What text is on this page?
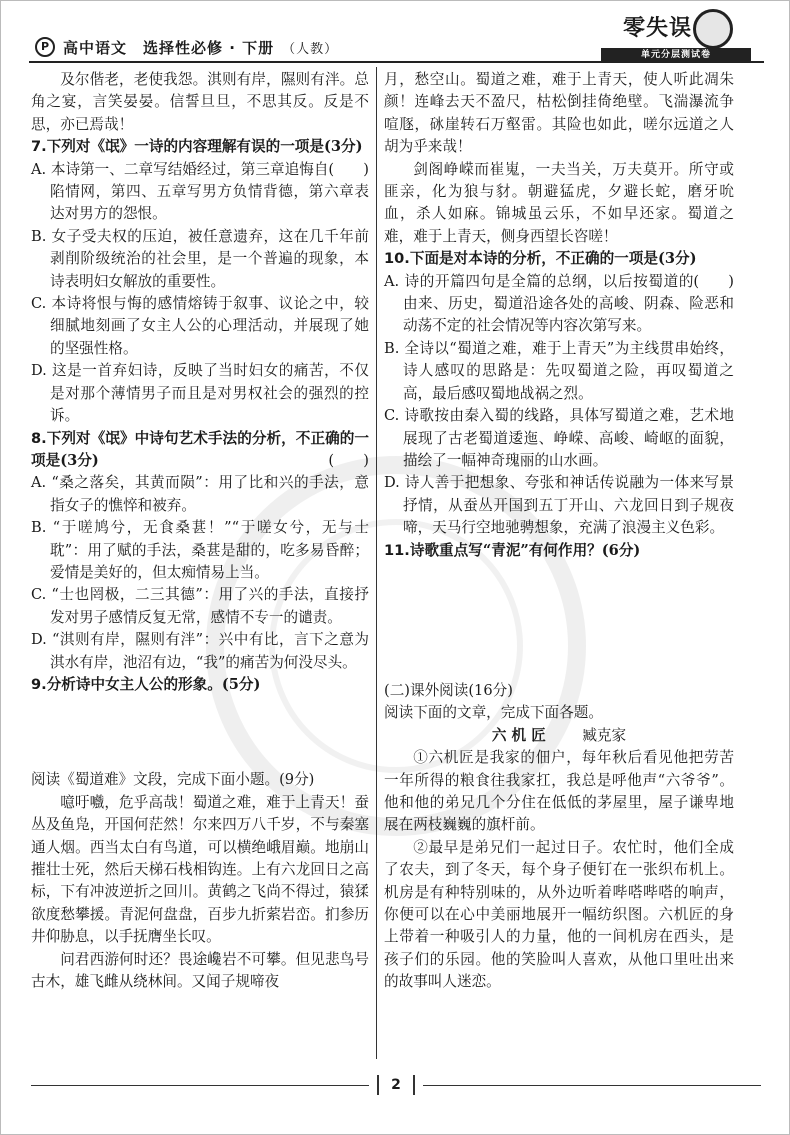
P 高中语文　选择性必修 · 下册 （人教）
零失误
单元分层测试卷

及尔偕老，老使我怨。淇则有岸，隰则有泮。总角之宴，言笑晏晏。信誓旦旦，不思其反。反是不思，亦已焉哉！

7.下列对《氓》一诗的内容理解有误的一项是(3分)
(　　)

A. 本诗第一、二章写结婚经过，第三章追悔自陷情网，第四、五章写男方负情背德，第六章表达对男方的怨恨。

B. 女子受夫权的压迫，被任意遗弃，这在几千年前剥削阶级统治的社会里，是一个普遍的现象，本诗表明妇女解放的重要性。

C. 本诗将恨与悔的感情熔铸于叙事、议论之中，较细腻地刻画了女主人公的心理活动，并展现了她的坚强性格。

D. 这是一首弃妇诗，反映了当时妇女的痛苦，不仅是对那个薄情男子而且是对男权社会的强烈的控诉。

8.下列对《氓》中诗句艺术手法的分析，不正确的一项是(3分)	(　　)

A. “桑之落矣，其黄而陨”：用了比和兴的手法，意指女子的憔悴和被弃。

B. “于嗟鸠兮，无食桑葚！”“于嗟女兮，无与士耽”：用了赋的手法，桑葚是甜的，吃多易昏醉；爱情是美好的，但太痴情易上当。

C. “士也罔极，二三其德”：用了兴的手法，直接抒发对男子感情反复无常，感情不专一的谴责。

D. “淇则有岸，隰则有泮”：兴中有比，言下之意为淇水有岸，池沼有边，“我”的痛苦为何没尽头。

9.分析诗中女主人公的形象。(5分)

阅读《蜀道难》文段，完成下面小题。(9分)

噫吁嚱，危乎高哉！蜀道之难，难于上青天！蚕丛及鱼凫，开国何茫然！尔来四万八千岁，不与秦塞通人烟。西当太白有鸟道，可以横绝峨眉巅。地崩山摧壮士死，然后天梯石栈相钩连。上有六龙回日之高标，下有冲波逆折之回川。黄鹤之飞尚不得过，猿猱欲度愁攀援。青泥何盘盘，百步九折萦岩峦。扪参历井仰胁息，以手抚膺坐长叹。

问君西游何时还？畏途巉岩不可攀。但见悲鸟号古木，雄飞雌从绕林间。又闻子规啼夜

月，愁空山。蜀道之难，难于上青天，使人听此凋朱颜！连峰去天不盈尺，枯松倒挂倚绝壁。飞湍瀑流争喧豗，砯崖转石万壑雷。其险也如此，嗟尔远道之人胡为乎来哉！

剑阁峥嵘而崔嵬，一夫当关，万夫莫开。所守或匪亲，化为狼与豺。朝避猛虎，夕避长蛇，磨牙吮血，杀人如麻。锦城虽云乐，不如早还家。蜀道之难，难于上青天，侧身西望长咨嗟！

10.下面是对本诗的分析，不正确的一项是(3分)
(　　)

A. 诗的开篇四句是全篇的总纲，以后按蜀道的由来、历史，蜀道沿途各处的高峻、阴森、险恶和动荡不定的社会情况等内容次第写来。

B. 全诗以“蜀道之难，难于上青天”为主线贯串始终，诗人感叹的思路是：先叹蜀道之险，再叹蜀道之高，最后感叹蜀地战祸之烈。

C. 诗歌按由秦入蜀的线路，具体写蜀道之难，艺术地展现了古老蜀道逶迤、峥嵘、高峻、崎岖的面貌，描绘了一幅神奇瑰丽的山水画。

D. 诗人善于把想象、夸张和神话传说融为一体来写景抒情，从蚕丛开国到五丁开山、六龙回日到子规夜啼，天马行空地驰骋想象，充满了浪漫主义色彩。

11.诗歌重点写“青泥”有何作用？(6分)

(二)课外阅读(16分)

阅读下面的文章，完成下面各题。

六 机 匠	臧克家

①六机匠是我家的佃户，每年秋后看见他把劳苦一年所得的粮食往我家扛，我总是呼他声“六爷爷”。他和他的弟兄几个分住在低低的茅屋里，屋子谦卑地展在两枝巍巍的旗杆前。

②最早是弟兄们一起过日子。农忙时，他们全成了农夫，到了冬天，每个身子便钉在一张织布机上。机房是有种特别味的，从外边听着哔嗒哔嗒的响声，你便可以在心中美丽地展开一幅纺织图。六机匠的身上带着一种吸引人的力量，他的一间机房在西头，是孩子们的乐园。他的笑脸叫人喜欢，从他口里吐出来的故事叫人迷恋。

2
